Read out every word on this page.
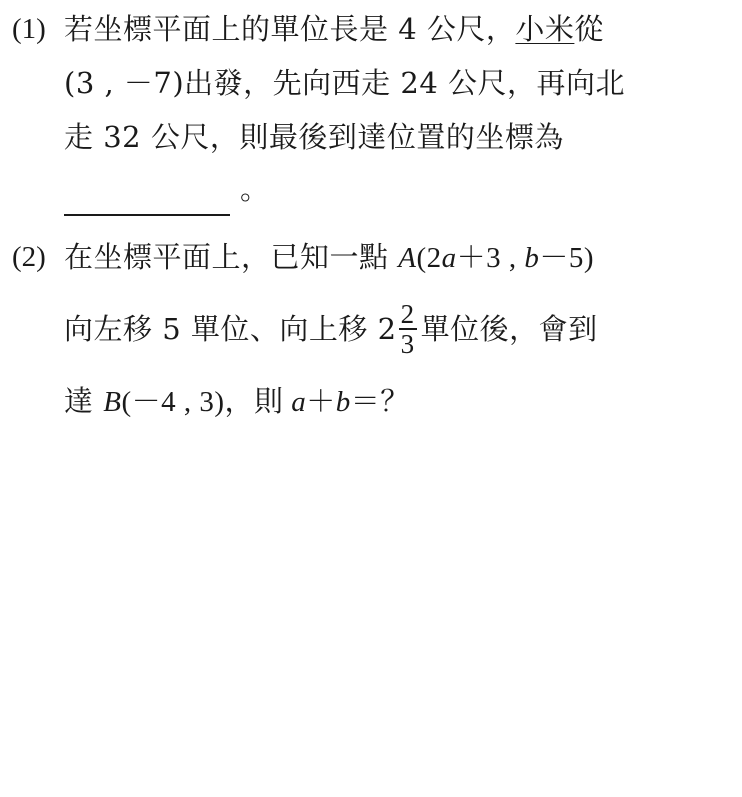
(1) 若坐標平面上的單位長是 4 公尺，小米從
(3 , －7)出發，先向西走 24 公尺，再向北
走 32 公尺，則最後到達位置的坐標為
。
(2) 在坐標平面上，已知一點 A(2a＋3 , b－5)
向左移 5 單位、向上移 $2 \frac{2}{3}$ 單位後，會到
達 B(－4 , 3)，則 a＋b＝？
